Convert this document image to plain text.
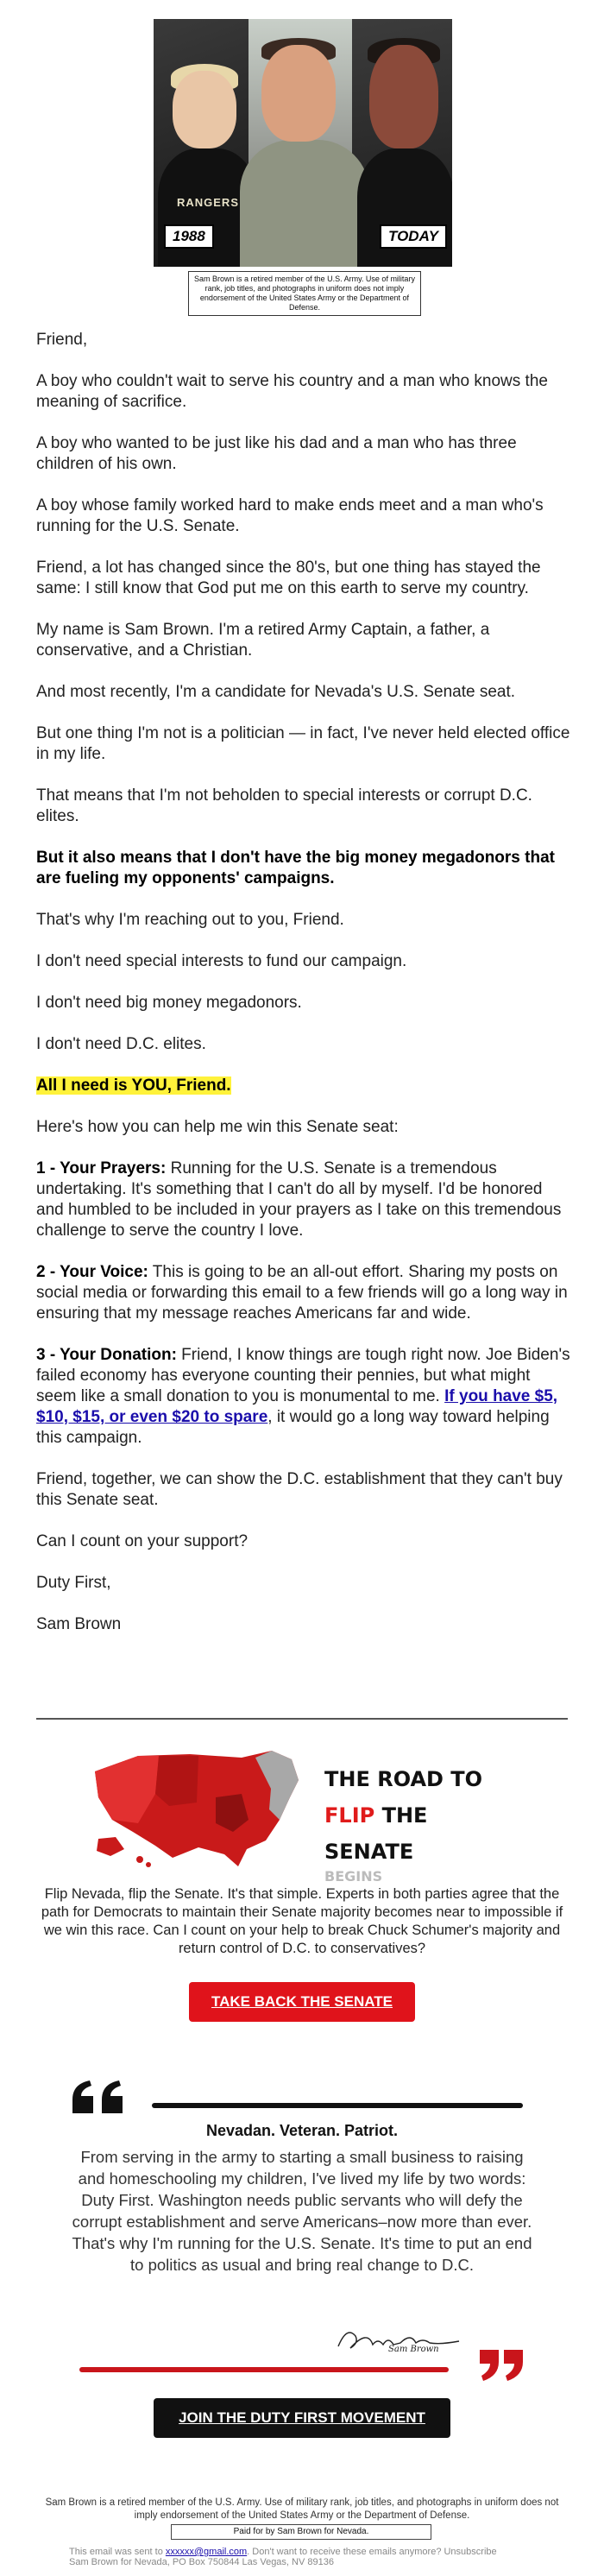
RANGERS
1988	TODAY
Sam Brown is a retired member of the U.S. Army. Use of military rank, job titles, and photographs in uniform does not imply endorsement of the United States Army or the Department of Defense.

Friend,

A boy who couldn't wait to serve his country and a man who knows the meaning of sacrifice.

A boy who wanted to be just like his dad and a man who has three children of his own.

A boy whose family worked hard to make ends meet and a man who's running for the U.S. Senate.

Friend, a lot has changed since the 80's, but one thing has stayed the same: I still know that God put me on this earth to serve my country.

My name is Sam Brown. I'm a retired Army Captain, a father, a conservative, and a Christian.

And most recently, I'm a candidate for Nevada's U.S. Senate seat.

But one thing I'm not is a politician — in fact, I've never held elected office in my life.

That means that I'm not beholden to special interests or corrupt D.C. elites.

But it also means that I don't have the big money megadonors that are fueling my opponents' campaigns.

That's why I'm reaching out to you, Friend.

I don't need special interests to fund our campaign.

I don't need big money megadonors.

I don't need D.C. elites.

All I need is YOU, Friend.

Here's how you can help me win this Senate seat:

1 - Your Prayers: Running for the U.S. Senate is a tremendous undertaking. It's something that I can't do all by myself. I'd be honored and humbled to be included in your prayers as I take on this tremendous challenge to serve the country I love.

2 - Your Voice: This is going to be an all-out effort. Sharing my posts on social media or forwarding this email to a few friends will go a long way in ensuring that my message reaches Americans far and wide.

3 - Your Donation: Friend, I know things are tough right now. Joe Biden's failed economy has everyone counting their pennies, but what might seem like a small donation to you is monumental to me. If you have $5, $10, $15, or even $20 to spare, it would go a long way toward helping this campaign.

Friend, together, we can show the D.C. establishment that they can't buy this Senate seat.

Can I count on your support?

Duty First,

Sam Brown

THE ROAD TO
FLIP THE SENATE
BEGINS
Flip Nevada, flip the Senate. It's that simple. Experts in both parties agree that the path for Democrats to maintain their Senate majority becomes near to impossible if we win this race. Can I count on your help to break Chuck Schumer's majority and return control of D.C. to conservatives?
TAKE BACK THE SENATE
Nevadan. Veteran. Patriot.
From serving in the army to starting a small business to raising and homeschooling my children, I've lived my life by two words: Duty First. Washington needs public servants who will defy the corrupt establishment and serve Americans–now more than ever. That's why I'm running for the U.S. Senate. It's time to put an end to politics as usual and bring real change to D.C.
Sam Brown
JOIN THE DUTY FIRST MOVEMENT
Sam Brown is a retired member of the U.S. Army. Use of military rank, job titles, and photographs in uniform does not imply endorsement of the United States Army or the Department of Defense.
Paid for by Sam Brown for Nevada.
This email was sent to xxxxxx@gmail.com. Don't want to receive these emails anymore? Unsubscribe
Sam Brown for Nevada, PO Box 750844 Las Vegas, NV 89136
